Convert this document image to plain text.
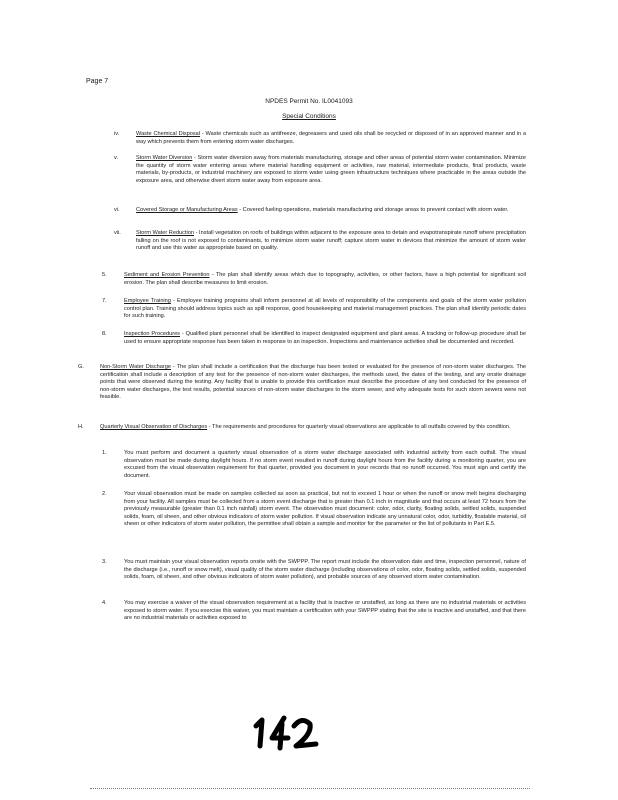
Page 7
NPDES Permit No. IL0041093
Special Conditions
iv.	Waste Chemical Disposal - Waste chemicals such as antifreeze, degreasers and used oils shall be recycled or disposed of in an approved manner and in a way which prevents them from entering storm water discharges.
v.	Storm Water Diversion - Storm water diversion away from materials manufacturing, storage and other areas of potential storm water contamination. Minimize the quantity of storm water entering areas where material handling equipment or activities, raw material, intermediate products, final products, waste materials, by-products, or industrial machinery are exposed to storm water using green infrastructure techniques where practicable in the areas outside the exposure area, and otherwise divert storm water away from exposure area.
vi.	Covered Storage or Manufacturing Areas - Covered fueling operations, materials manufacturing and storage areas to prevent contact with storm water.
vii.	Storm Water Reduction - Install vegetation on roofs of buildings within adjacent to the exposure area to detain and evapotranspirate runoff where precipitation falling on the roof is not exposed to contaminants, to minimize storm water runoff; capture storm water in devices that minimize the amount of storm water runoff and use this water as appropriate based on quality.
5.	Sediment and Erosion Prevention - The plan shall identify areas which due to topography, activities, or other factors, have a high potential for significant soil erosion. The plan shall describe measures to limit erosion.
7.	Employee Training - Employee training programs shall inform personnel at all levels of responsibility of the components and goals of the storm water pollution control plan. Training should address topics such as spill response, good housekeeping and material management practices. The plan shall identify periodic dates for such training.
8.	Inspection Procedures - Qualified plant personnel shall be identified to inspect designated equipment and plant areas. A tracking or follow-up procedure shall be used to ensure appropriate response has been taken in response to an inspection. Inspections and maintenance activities shall be documented and recorded.
G.	Non-Storm Water Discharge - The plan shall include a certification that the discharge has been tested or evaluated for the presence of non-storm water discharges. The certification shall include a description of any test for the presence of non-storm water discharges, the methods used, the dates of the testing, and any onsite drainage points that were observed during the testing. Any facility that is unable to provide this certification must describe the procedure of any test conducted for the presence of non-storm water discharges, the test results, potential sources of non-storm water discharges to the storm sewer, and why adequate tests for such storm sewers were not feasible.
H.	Quarterly Visual Observation of Discharges - The requirements and procedures for quarterly visual observations are applicable to all outfalls covered by this condition.
1.	You must perform and document a quarterly visual observation of a storm water discharge associated with industrial activity from each outfall. The visual observation must be made during daylight hours. If no storm event resulted in runoff during daylight hours from the facility during a monitoring quarter, you are excused from the visual observation requirement for that quarter, provided you document in your records that no runoff occurred. You must sign and certify the document.
2.	Your visual observation must be made on samples collected as soon as practical, but not to exceed 1 hour or when the runoff or snow melt begins discharging from your facility. All samples must be collected from a storm event discharge that is greater than 0.1 inch in magnitude and that occurs at least 72 hours from the previously measurable (greater than 0.1 inch rainfall) storm event. The observation must document: color, odor, clarity, floating solids, settled solids, suspended solids, foam, oil sheen, and other obvious indicators of storm water pollution. If visual observation indicate any unnatural color, odor, turbidity, floatable material, oil sheen or other indicators of storm water pollution, the permittee shall obtain a sample and monitor for the parameter or the list of pollutants in Part E.5.
3.	You must maintain your visual observation reports onsite with the SWPPP. The report must include the observation date and time, inspection personnel, nature of the discharge (i.e., runoff or snow melt), visual quality of the storm water discharge (including observations of color, odor, floating solids, settled solids, suspended solids, foam, oil sheen, and other obvious indicators of storm water pollution), and probable sources of any observed storm water contamination.
4.	You may exercise a waiver of the visual observation requirement at a facility that is inactive or unstaffed, as long as there are no industrial materials or activities exposed to storm water. If you exercise this waiver, you must maintain a certification with your SWPPP stating that the site is inactive and unstaffed, and that there are no industrial materials or activities exposed to
